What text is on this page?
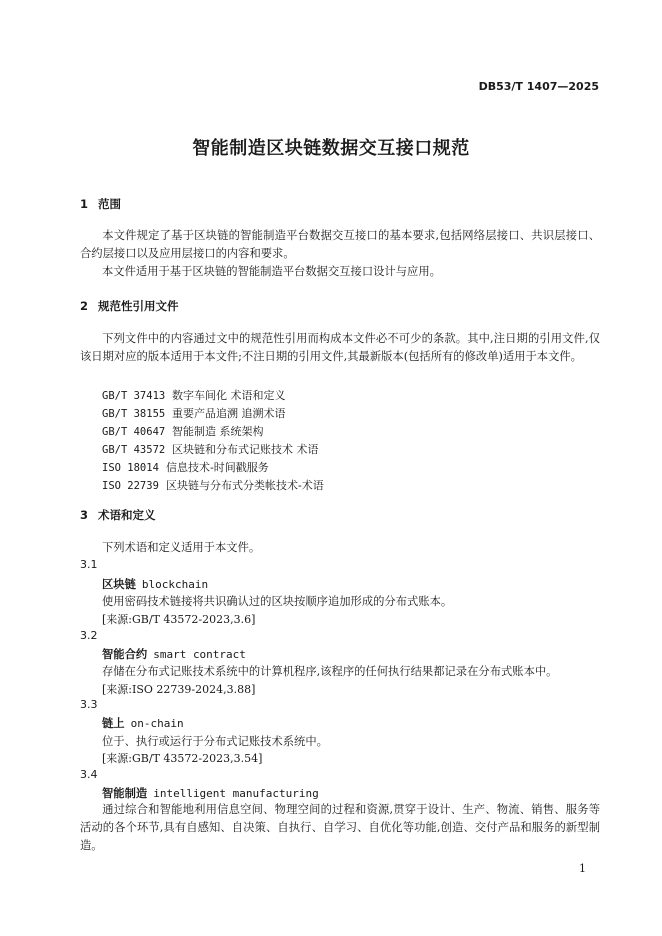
DB53/T 1407—2025
智能制造区块链数据交互接口规范
1 范围
本文件规定了基于区块链的智能制造平台数据交互接口的基本要求,包括网络层接口、共识层接口、合约层接口以及应用层接口的内容和要求。
本文件适用于基于区块链的智能制造平台数据交互接口设计与应用。
2 规范性引用文件
下列文件中的内容通过文中的规范性引用而构成本文件必不可少的条款。其中,注日期的引用文件,仅该日期对应的版本适用于本文件;不注日期的引用文件,其最新版本(包括所有的修改单)适用于本文件。
GB/T 37413 数字车间化 术语和定义
GB/T 38155 重要产品追溯 追溯术语
GB/T 40647 智能制造 系统架构
GB/T 43572 区块链和分布式记账技术 术语
ISO 18014 信息技术-时间戳服务
ISO 22739 区块链与分布式分类帐技术-术语
3 术语和定义
下列术语和定义适用于本文件。
3.1
区块链 blockchain
使用密码技术链接将共识确认过的区块按顺序追加形成的分布式账本。
[来源:GB/T 43572-2023,3.6]
3.2
智能合约 smart contract
存储在分布式记账技术系统中的计算机程序,该程序的任何执行结果都记录在分布式账本中。
[来源:ISO 22739-2024,3.88]
3.3
链上 on-chain
位于、执行或运行于分布式记账技术系统中。
[来源:GB/T 43572-2023,3.54]
3.4
智能制造 intelligent manufacturing
通过综合和智能地利用信息空间、物理空间的过程和资源,贯穿于设计、生产、物流、销售、服务等活动的各个环节,具有自感知、自决策、自执行、自学习、自优化等功能,创造、交付产品和服务的新型制造。
1
